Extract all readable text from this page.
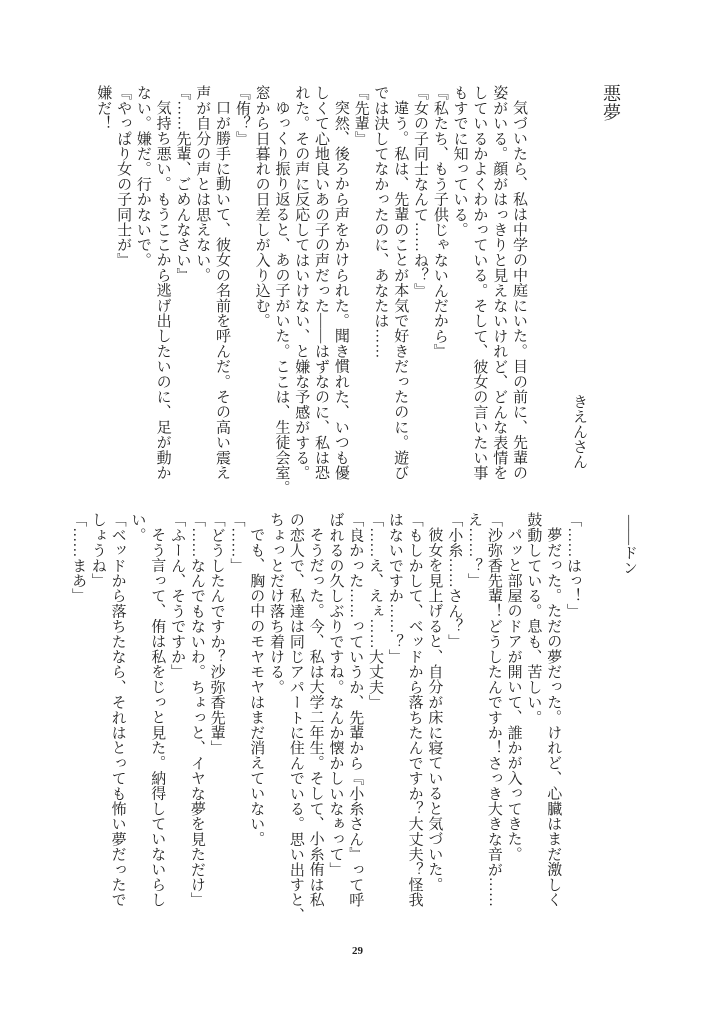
悪夢
きえんさん
気づいたら、私は中学の中庭にいた。目の前に、先輩の
姿がいる。顔がはっきりと見えないけれど、どんな表情を
しているかよくわかっている。そして、彼女の言いたい事
もすでに知っている。
『私たち、もう子供じゃないんだから』
『女の子同士なんて……ね？』
違う。私は、先輩のことが本気で好きだったのに。遊び
では決してなかったのに、あなたは……
『先輩』
突然、後ろから声をかけられた。聞き慣れた、いつも優
しくて心地良いあの子の声だった——はずなのに、私は恐
れた。その声に反応してはいけない、と嫌な予感がする。
ゆっくり振り返ると、あの子がいた。ここは、生徒会室。
窓から日暮れの日差しが入り込む。
『侑？』
口が勝手に動いて、彼女の名前を呼んだ。その高い震え
声が自分の声とは思えない。
『……先輩、ごめんなさい』
気持ち悪い。もうここから逃げ出したいのに、足が動か
ない。嫌だ。行かないで。
『やっぱり女の子同士が』
嫌だ！
——ドン
「……はっ！」
夢だった。ただの夢だった。けれど、心臓はまだ激しく
鼓動している。息も、苦しい。
パッと部屋のドアが開いて、誰かが入ってきた。
「沙弥香先輩！どうしたんですか！さっき大きな音が……
え……？」
「小糸……さん？」
彼女を見上げると、自分が床に寝ていると気づいた。
「もしかして、ベッドから落ちたんですか？大丈夫？怪我
はないですか……？」
「……え、えぇ……大丈夫」
「良かった……っていうか、先輩から『小糸さん』って呼
ばれるの久しぶりですね。なんか懐かしいなぁって」
そうだった。今、私は大学二年生。そして、小糸侑は私
の恋人で、私達は同じアパートに住んでいる。思い出すと、
ちょっとだけ落ち着ける。
でも、胸の中のモヤモヤはまだ消えていない。
「……」
「どうしたんですか？沙弥香先輩」
「……なんでもないわ。ちょっと、イヤな夢を見ただけ」
「ふーん、そうですか」
そう言って、侑は私をじっと見た。納得していないらし
い。
「ベッドから落ちたなら、それはとっても怖い夢だったで
しょうね」
「……まあ」
29
